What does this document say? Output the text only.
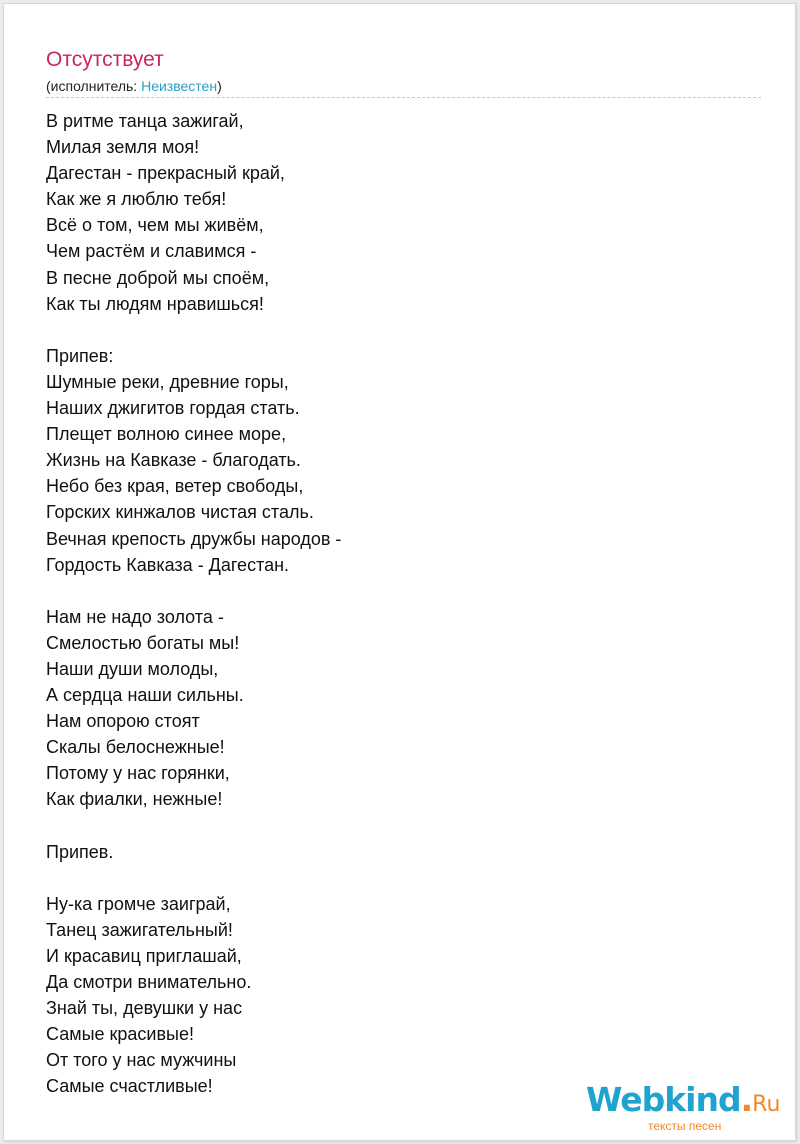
Отсутствует
(исполнитель: Неизвестен)
В ритме танца зажигай,
Милая земля моя!
Дагестан - прекрасный край,
Как же я люблю тебя!
Всё о том, чем мы живём,
Чем растём и славимся -
В песне доброй мы споём,
Как ты людям нравишься!
Припев:
Шумные реки, древние горы,
Наших джигитов гордая стать.
Плещет волною синее море,
Жизнь на Кавказе - благодать.
Небо без края, ветер свободы,
Горских кинжалов чистая сталь.
Вечная крепость дружбы народов -
Гордость Кавказа - Дагестан.
Нам не надо золота -
Смелостью богаты мы!
Наши души молоды,
А сердца наши сильны.
Нам опорою стоят
Скалы белоснежные!
Потому у нас горянки,
Как фиалки, нежные!
Припев.
Ну-ка громче заиграй,
Танец зажигательный!
И красавиц приглашай,
Да смотри внимательно.
Знай ты, девушки у нас
Самые красивые!
От того у нас мужчины
Самые счастливые!	Webkind.Ru
тексты песен
